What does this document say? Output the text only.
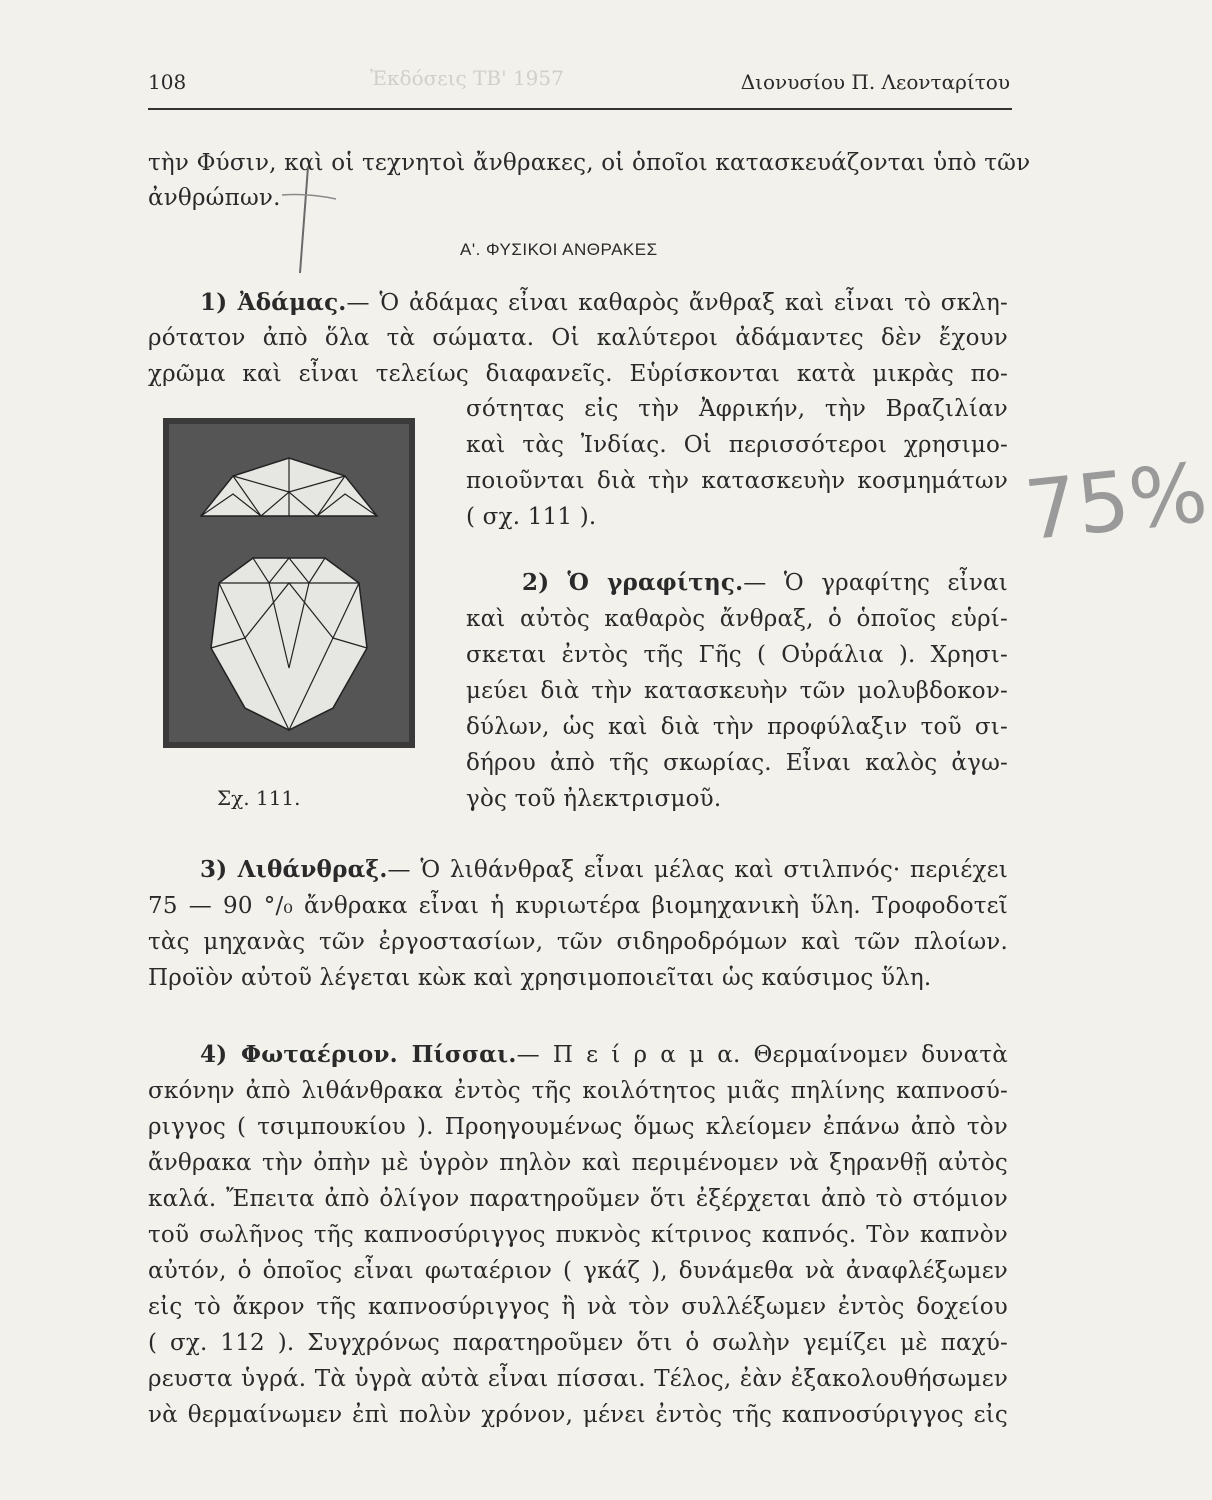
Ἐκδόσεις ΤΒ' 1957
108	Διονυσίου Π. Λεονταρίτου
τὴν Φύσιν, καὶ οἱ τεχνητοὶ ἄνθρακες, οἱ ὁποῖοι κατασκευάζονται ὑπὸ τῶν
ἀνθρώπων.
Α'. ΦΥΣΙΚΟΙ ΑΝΘΡΑΚΕΣ
1) Ἀδάμας.— Ὁ ἀδάμας εἶναι καθαρὸς ἄνθραξ καὶ εἶναι τὸ σκλη-
ρότατον ἀπὸ ὅλα τὰ σώματα. Οἱ καλύτεροι ἀδάμαντες δὲν ἔχουν
χρῶμα καὶ εἶναι τελείως διαφανεῖς. Εὑρίσκονται κατὰ μικρὰς πο-
σότητας εἰς τὴν Ἀφρικήν, τὴν Βραζιλίαν
καὶ τὰς Ἰνδίας. Οἱ περισσότεροι χρησιμο-
ποιοῦνται διὰ τὴν κατασκευὴν κοσμημάτων
( σχ. 111 ).
2) Ὁ γραφίτης.— Ὁ γραφίτης εἶναι
καὶ αὐτὸς καθαρὸς ἄνθραξ, ὁ ὁποῖος εὑρί-
σκεται ἐντὸς τῆς Γῆς ( Οὐράλια ). Χρησι-
μεύει διὰ τὴν κατασκευὴν τῶν μολυβδοκον-
δύλων, ὡς καὶ διὰ τὴν προφύλαξιν τοῦ σι-
δήρου ἀπὸ τῆς σκωρίας. Εἶναι καλὸς ἀγω-
γὸς τοῦ ἠλεκτρισμοῦ.
Σχ. 111.
3) Λιθάνθραξ.— Ὁ λιθάνθραξ εἶναι μέλας καὶ στιλπνός· περιέχει
75 — 90 °/₀ ἄνθρακα εἶναι ἡ κυριωτέρα βιομηχανικὴ ὕλη. Τροφοδοτεῖ
τὰς μηχανὰς τῶν ἐργοστασίων, τῶν σιδηροδρόμων καὶ τῶν πλοίων.
Προϊὸν αὐτοῦ λέγεται κὼκ καὶ χρησιμοποιεῖται ὡς καύσιμος ὕλη.
4) Φωταέριον. Πίσσαι.— Π ε ί ρ α μ α. Θερμαίνομεν δυνατὰ
σκόνην ἀπὸ λιθάνθρακα ἐντὸς τῆς κοιλότητος μιᾶς πηλίνης καπνοσύ-
ριγγος ( τσιμπουκίου ). Προηγουμένως ὅμως κλείομεν ἐπάνω ἀπὸ τὸν
ἄνθρακα τὴν ὀπὴν μὲ ὑγρὸν πηλὸν καὶ περιμένομεν νὰ ξηρανθῇ αὐτὸς
καλά. Ἔπειτα ἀπὸ ὀλίγον παρατηροῦμεν ὅτι ἐξέρχεται ἀπὸ τὸ στόμιον
τοῦ σωλῆνος τῆς καπνοσύριγγος πυκνὸς κίτρινος καπνός. Τὸν καπνὸν
αὐτόν, ὁ ὁποῖος εἶναι φωταέριον ( γκάζ ), δυνάμεθα νὰ ἀναφλέξωμεν
εἰς τὸ ἄκρον τῆς καπνοσύριγγος ἢ νὰ τὸν συλλέξωμεν ἐντὸς δοχείου
( σχ. 112 ). Συγχρόνως παρατηροῦμεν ὅτι ὁ σωλὴν γεμίζει μὲ παχύ-
ρευστα ὑγρά. Τὰ ὑγρὰ αὐτὰ εἶναι πίσσαι. Τέλος, ἐὰν ἐξακολουθήσωμεν
νὰ θερμαίνωμεν ἐπὶ πολὺν χρόνον, μένει ἐντὸς τῆς καπνοσύριγγος εἰς
75%
